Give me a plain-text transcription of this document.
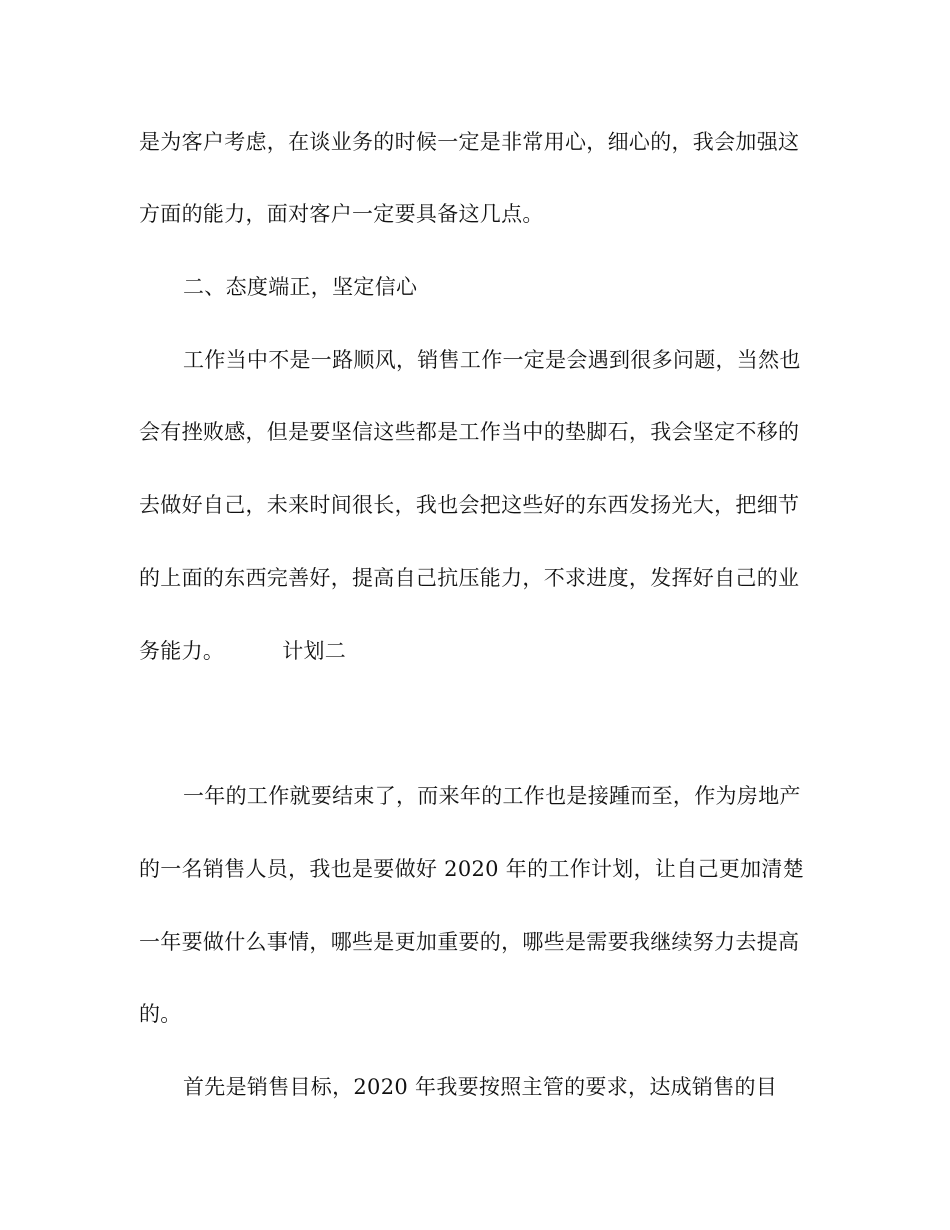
是为客户考虑，在谈业务的时候一定是非常用心，细心的，我会加强这
方面的能力，面对客户一定要具备这几点。
二、态度端正，坚定信心
工作当中不是一路顺风，销售工作一定是会遇到很多问题，当然也
会有挫败感，但是要坚信这些都是工作当中的垫脚石，我会坚定不移的
去做好自己，未来时间很长，我也会把这些好的东西发扬光大，把细节
的上面的东西完善好，提高自己抗压能力，不求进度，发挥好自己的业
务能力。	计划二
一年的工作就要结束了，而来年的工作也是接踵而至，作为房地产
的一名销售人员，我也是要做好 2020 年的工作计划，让自己更加清楚
一年要做什么事情，哪些是更加重要的，哪些是需要我继续努力去提高
的。
首先是销售目标，2020 年我要按照主管的要求，达成销售的目
